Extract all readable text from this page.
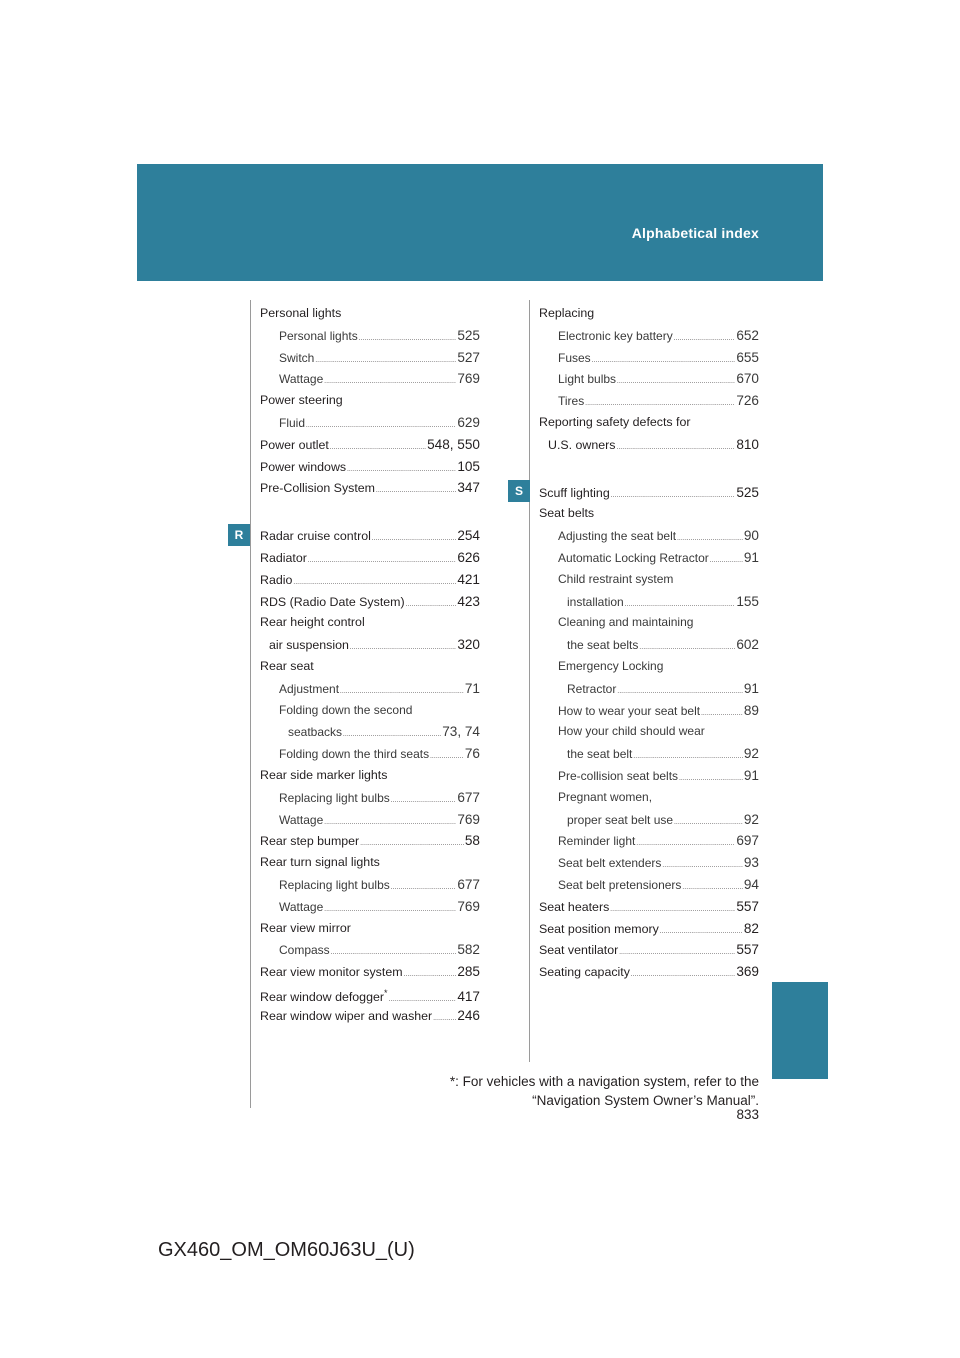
Alphabetical index
R
S
Personal lights
Personal lights .....	525
Switch .....	527
Wattage .....	769
Power steering
Fluid .....	629
Power outlet .....	548, 550
Power windows .....	105
Pre-Collision System .....	347
Radar cruise control .....	254
Radiator .....	626
Radio .....	421
RDS (Radio Date System) .....	423
Rear height control
air suspension .....	320
Rear seat
Adjustment .....	71
Folding down the second
seatbacks .....	73, 74
Folding down the third seats .....	76
Rear side marker lights
Replacing light bulbs .....	677
Wattage .....	769
Rear step bumper .....	58
Rear turn signal lights
Replacing light bulbs .....	677
Wattage .....	769
Rear view mirror
Compass .....	582
Rear view monitor system .....	285
Rear window defogger* .....	417
Rear window wiper and washer ..... 246
Replacing
Electronic key battery .....	652
Fuses .....	655
Light bulbs .....	670
Tires .....	726
Reporting safety defects for
U.S. owners .....	810
Scuff lighting .....	525
Seat belts
Adjusting the seat belt .....	90
Automatic Locking Retractor .....	91
Child restraint system
installation .....	155
Cleaning and maintaining
the seat belts .....	602
Emergency Locking
Retractor .....	91
How to wear your seat belt .....	89
How your child should wear
the seat belt .....	92
Pre-collision seat belts .....	91
Pregnant women,
proper seat belt use .....	92
Reminder light .....	697
Seat belt extenders .....	93
Seat belt pretensioners .....	94
Seat heaters .....	557
Seat position memory .....	82
Seat ventilator .....	557
Seating capacity .....	369
*: For vehicles with a navigation system, refer to the
“Navigation System Owner’s Manual”.
833
GX460_OM_OM60J63U_(U)
